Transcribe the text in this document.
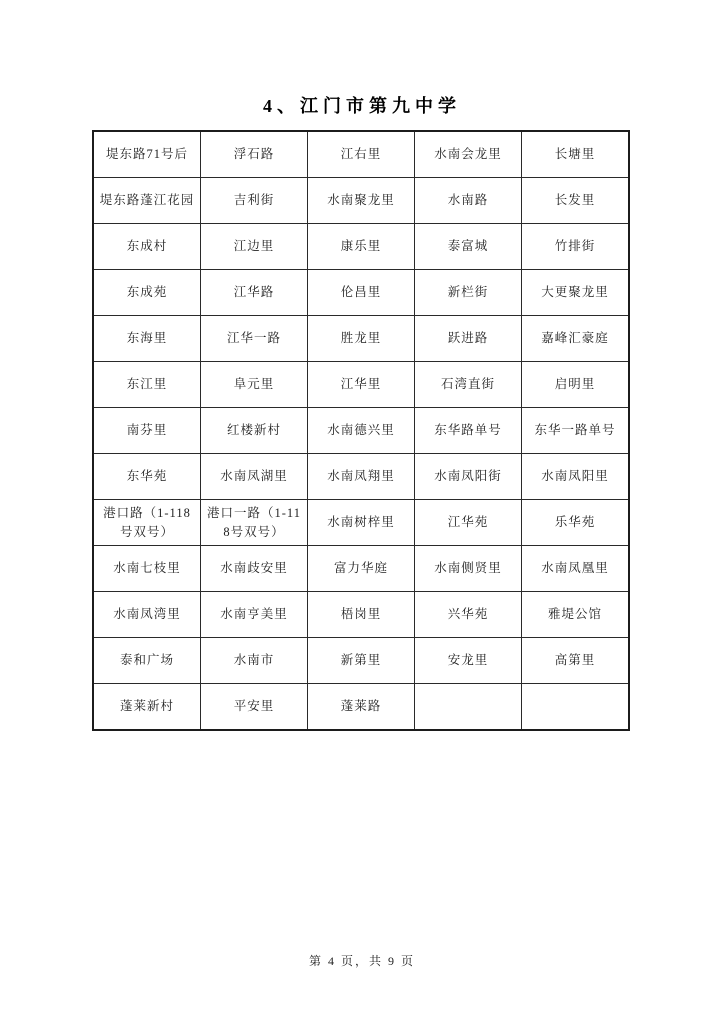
4、江门市第九中学
堤东路71号后	浮石路	江右里	水南会龙里	长塘里
堤东路蓬江花园	吉利街	水南聚龙里	水南路	长发里
东成村	江边里	康乐里	泰富城	竹排街
东成苑	江华路	伦昌里	新栏街	大更聚龙里
东海里	江华一路	胜龙里	跃进路	嘉峰汇豪庭
东江里	阜元里	江华里	石湾直街	启明里
南芬里	红楼新村	水南德兴里	东华路单号	东华一路单号
东华苑	水南凤湖里	水南凤翔里	水南凤阳街	水南凤阳里
港口路（1-118号双号）	港口一路（1-118号双号）	水南树梓里	江华苑	乐华苑
水南七枝里	水南歧安里	富力华庭	水南侧贤里	水南凤凰里
水南凤湾里	水南亨美里	梧岗里	兴华苑	雅堤公馆
泰和广场	水南市	新第里	安龙里	高第里
蓬莱新村	平安里	蓬莱路		
第 4 页，共 9 页
